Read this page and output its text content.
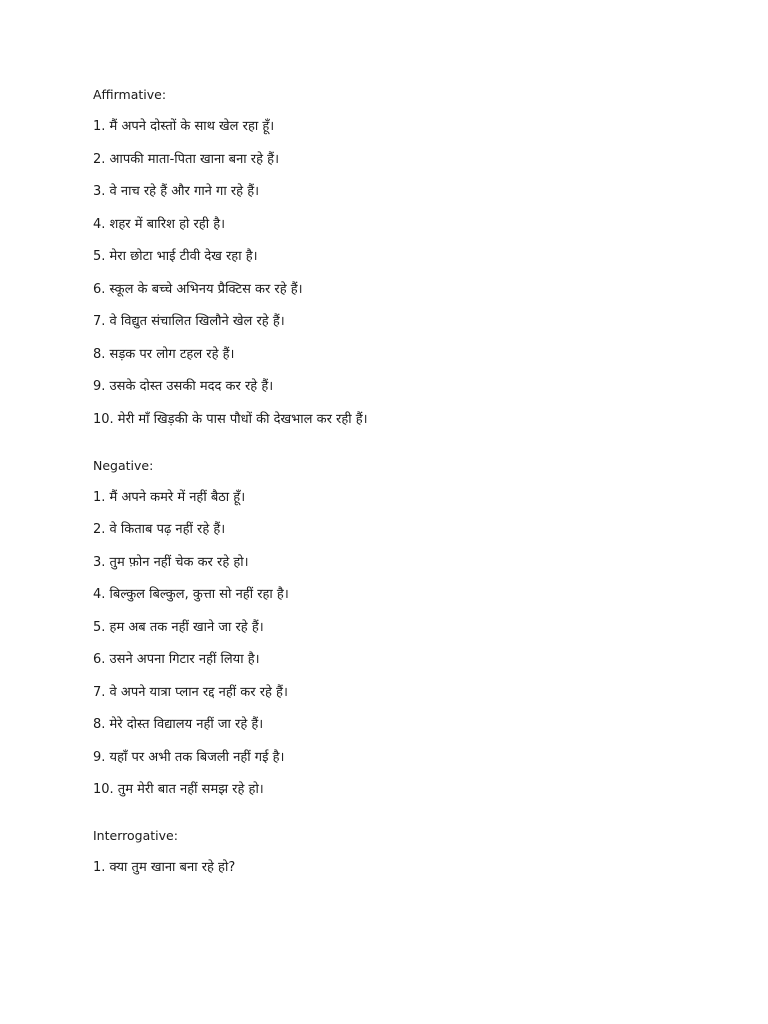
Affirmative:
1. मैं अपने दोस्तों के साथ खेल रहा हूँ।
2. आपकी माता-पिता खाना बना रहे हैं।
3. वे नाच रहे हैं और गाने गा रहे हैं।
4. शहर में बारिश हो रही है।
5. मेरा छोटा भाई टीवी देख रहा है।
6. स्कूल के बच्चे अभिनय प्रैक्टिस कर रहे हैं।
7. वे विद्युत संचालित खिलौने खेल रहे हैं।
8. सड़क पर लोग टहल रहे हैं।
9. उसके दोस्त उसकी मदद कर रहे हैं।
10. मेरी माँ खिड़की के पास पौधों की देखभाल कर रही हैं।
Negative:
1. मैं अपने कमरे में नहीं बैठा हूँ।
2. वे किताब पढ़ नहीं रहे हैं।
3. तुम फ़ोन नहीं चेक कर रहे हो।
4. बिल्कुल बिल्कुल, कुत्ता सो नहीं रहा है।
5. हम अब तक नहीं खाने जा रहे हैं।
6. उसने अपना गिटार नहीं लिया है।
7. वे अपने यात्रा प्लान रद्द नहीं कर रहे हैं।
8. मेरे दोस्त विद्यालय नहीं जा रहे हैं।
9. यहाँ पर अभी तक बिजली नहीं गई है।
10. तुम मेरी बात नहीं समझ रहे हो।
Interrogative:
1. क्या तुम खाना बना रहे हो?
